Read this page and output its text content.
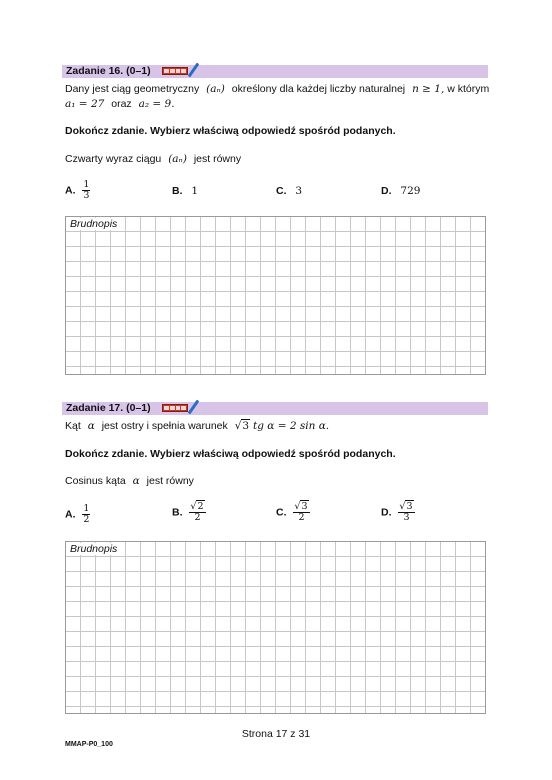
Zadanie 16. (0–1)
Dany jest ciąg geometryczny (aₙ) określony dla każdej liczby naturalnej n ≥ 1, w którym
a₁ = 27 oraz a₂ = 9.
Dokończ zdanie. Wybierz właściwą odpowiedź spośród podanych.
Czwarty wyraz ciągu (aₙ) jest równy
A. $\frac{1}{3}$	B. 1	C. 3	D. 729
Brudnopis
Zadanie 17. (0–1)
Kąt α jest ostry i spełnia warunek √3 tg α = 2 sin α.
Dokończ zdanie. Wybierz właściwą odpowiedź spośród podanych.
Cosinus kąta α jest równy
A. $\frac{1}{2}$	B. $\frac{√2}{2}$	C. $\frac{√3}{2}$	D. $\frac{√3}{3}$
Brudnopis
Strona 17 z 31
MMAP-P0_100
